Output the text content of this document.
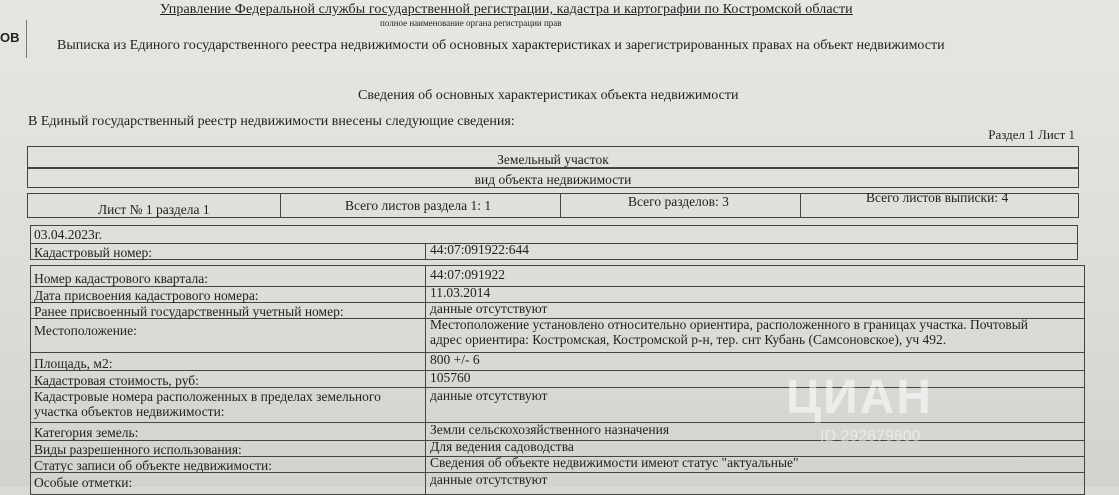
ОВ
Управление Федеральной службы государственной регистрации, кадастра и картографии по Костромской области
полное наименование органа регистрации прав
Выписка из Единого государственного реестра недвижимости об основных характеристиках и зарегистрированных правах на объект недвижимости
Сведения об основных характеристиках объекта недвижимости
В Единый государственный реестр недвижимости внесены следующие сведения:
Раздел 1 Лист 1
Земельный участок
вид объекта недвижимости
Лист № 1 раздела 1	Всего листов раздела 1: 1	Всего разделов: 3	Всего листов выписки: 4
03.04.2023г.
Кадастровый номер:	44:07:091922:644
Номер кадастрового квартала:	44:07:091922
Дата присвоения кадастрового номера:	11.03.2014
Ранее присвоенный государственный учетный номер:	данные отсутствуют
Местоположение:	Местоположение установлено относительно ориентира, расположенного в границах участка. Почтовый
адрес ориентира: Костромская, Костромской р-н, тер. снт Кубань (Самсоновское), уч 492.
Площадь, м2:	800 +/- 6
Кадастровая стоимость, руб:	105760
Кадастровые номера расположенных в пределах земельного
участка объектов недвижимости:
данные отсутствуют
Категория земель:	Земли сельскохозяйственного назначения
Виды разрешенного использования:	Для ведения садоводства
Статус записи об объекте недвижимости:	Сведения об объекте недвижимости имеют статус "актуальные"
Особые отметки:	данные отсутствуют
ЦИАН
ID 292879800
